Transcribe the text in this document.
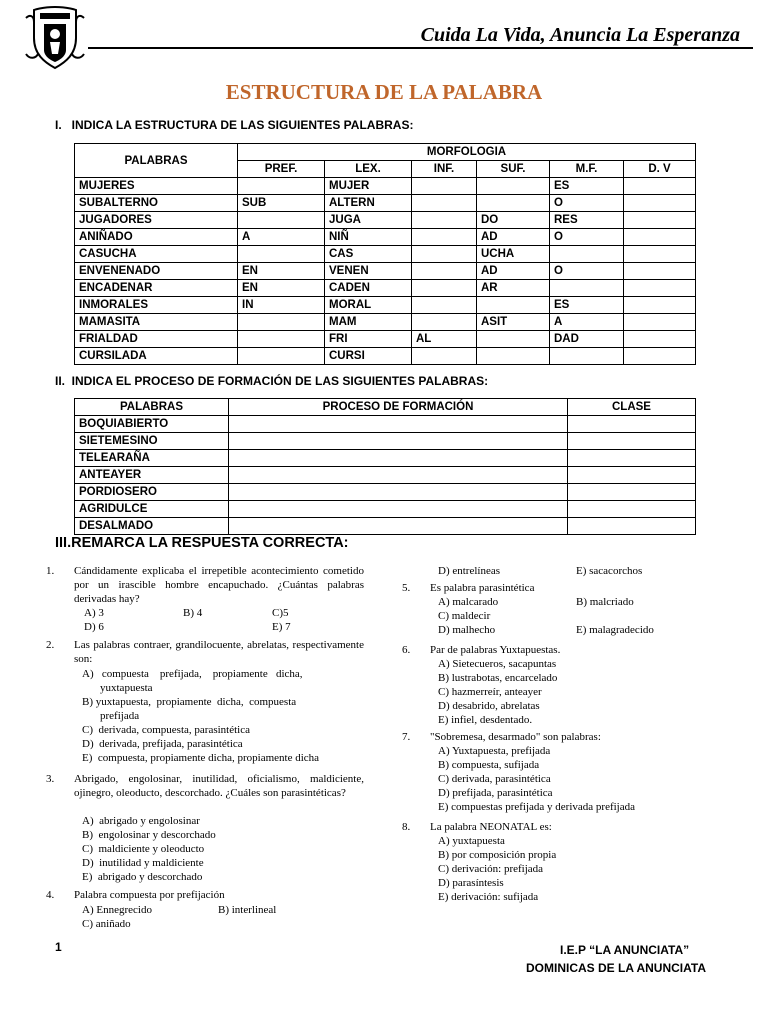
Cuida La Vida, Anuncia La Esperanza
ESTRUCTURA DE LA PALABRA
I.   INDICA LA ESTRUCTURA DE LAS SIGUIENTES PALABRAS:
PALABRAS	MORFOLOGIA					
	PREF.	LEX.	INF.	SUF.	M.F.	D. V
MUJERES		MUJER			ES	
SUBALTERNO	SUB	ALTERN			O	
JUGADORES		JUGA		DO	RES	
ANIÑADO	A	NIÑ		AD	O	
CASUCHA		CAS		UCHA		
ENVENENADO	EN	VENEN		AD	O	
ENCADENAR	EN	CADEN		AR		
INMORALES	IN	MORAL			ES	
MAMASITA		MAM		ASIT	A	
FRIALDAD		FRI	AL		DAD	
CURSILADA		CURSI				
II.  INDICA EL PROCESO DE FORMACIÓN DE LAS SIGUIENTES PALABRAS:
PALABRAS	PROCESO DE FORMACIÓN	CLASE
BOQUIABIERTO		
SIETEMESINO		
TELEARAÑA		
ANTEAYER		
PORDIOSERO		
AGRIDULCE		
DESALMADO		
III.REMARCA LA RESPUESTA CORRECTA:
1. Cándidamente explicaba el irrepetible acontecimiento cometido por un irascible hombre encapuchado. ¿Cuántas palabras derivadas hay?
A) 3	B) 4	C)5
D) 6	E) 7
2. Las palabras contraer, grandilocuente, abrelatas, respectivamente son:
A)   compuesta    prefijada,    propiamente   dicha,
yuxtapuesta
B) yuxtapuesta,  propiamente  dicha,  compuesta
prefijada
C)  derivada, compuesta, parasintética
D)  derivada, prefijada, parasintética
E)  compuesta, propiamente dicha, propiamente dicha
3. Abrigado, engolosinar, inutilidad, oficialismo, maldiciente, ojinegro, oleoducto, descorchado. ¿Cuáles son parasintéticas?
A)  abrigado y engolosinar
B)  engolosinar y descorchado
C)  maldiciente y oleoducto
D)  inutilidad y maldiciente
E)  abrigado y descorchado
4. Palabra compuesta por prefijación
A) Ennegrecido	B) interlineal
C) aniñado
D) entrelíneas	E) sacacorchos
5. Es palabra parasintética
A) malcarado	B) malcriado
C) maldecir
D) malhecho	E) malagradecido
6. Par de palabras Yuxtapuestas.
A) Sietecueros, sacapuntas
B) lustrabotas, encarcelado
C) hazmerreír, anteayer
D) desabrido, abrelatas
E) infiel, desdentado.
7. "Sobremesa, desarmado" son palabras:
A) Yuxtapuesta, prefijada
B) compuesta, sufijada
C) derivada, parasintética
D) prefijada, parasintética
E) compuestas prefijada y derivada prefijada
8. La palabra NEONATAL es:
A) yuxtapuesta
B) por composición propia
C) derivación: prefijada
D) parasíntesis
E) derivación: sufijada
1	I.E.P “LA ANUNCIATA”
DOMINICAS DE LA ANUNCIATA
